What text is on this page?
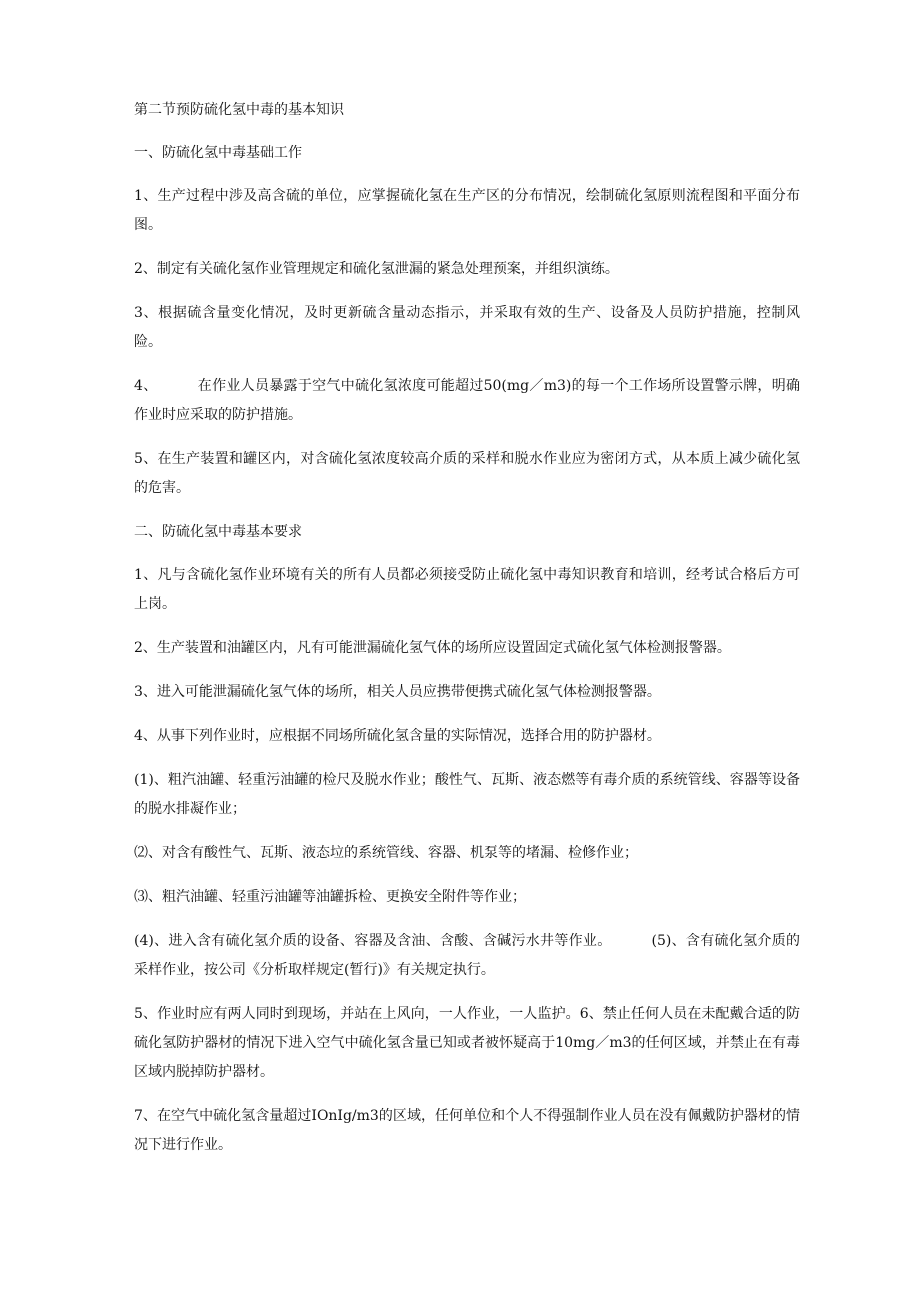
第二节预防硫化氢中毒的基本知识

一、防硫化氢中毒基础工作

1、生产过程中涉及高含硫的单位，应掌握硫化氢在生产区的分布情况，绘制硫化氢原则流程图和平面分布图。

2、制定有关硫化氢作业管理规定和硫化氢泄漏的紧急处理预案，并组织演练。

3、根据硫含量变化情况，及时更新硫含量动态指示，并采取有效的生产、设备及人员防护措施，控制风险。

4、	在作业人员暴露于空气中硫化氢浓度可能超过50(mg／m3)的每一个工作场所设置警示牌，明确作业时应采取的防护措施。

5、在生产装置和罐区内，对含硫化氢浓度较高介质的采样和脱水作业应为密闭方式，从本质上减少硫化氢的危害。

二、防硫化氢中毒基本要求

1、凡与含硫化氢作业环境有关的所有人员都必须接受防止硫化氢中毒知识教育和培训，经考试合格后方可上岗。

2、生产装置和油罐区内，凡有可能泄漏硫化氢气体的场所应设置固定式硫化氢气体检测报警器。

3、进入可能泄漏硫化氢气体的场所，相关人员应携带便携式硫化氢气体检测报警器。

4、从事下列作业时，应根据不同场所硫化氢含量的实际情况，选择合用的防护器材。

(1)、粗汽油罐、轻重污油罐的检尺及脱水作业；酸性气、瓦斯、液态燃等有毒介质的系统管线、容器等设备的脱水排凝作业；

⑵、对含有酸性气、瓦斯、液态垃的系统管线、容器、机泵等的堵漏、检修作业；

⑶、粗汽油罐、轻重污油罐等油罐拆检、更换安全附件等作业；

(4)、进入含有硫化氢介质的设备、容器及含油、含酸、含碱污水井等作业。	(5)、含有硫化氢介质的采样作业，按公司《分析取样规定(暂行)》有关规定执行。

5、作业时应有两人同时到现场，并站在上风向，一人作业，一人监护。6、禁止任何人员在未配戴合适的防硫化氢防护器材的情况下进入空气中硫化氢含量已知或者被怀疑高于10mg／m3的任何区域，并禁止在有毒区域内脱掉防护器材。

7、在空气中硫化氢含量超过IOnIg/m3的区域，任何单位和个人不得强制作业人员在没有佩戴防护器材的情况下进行作业。
